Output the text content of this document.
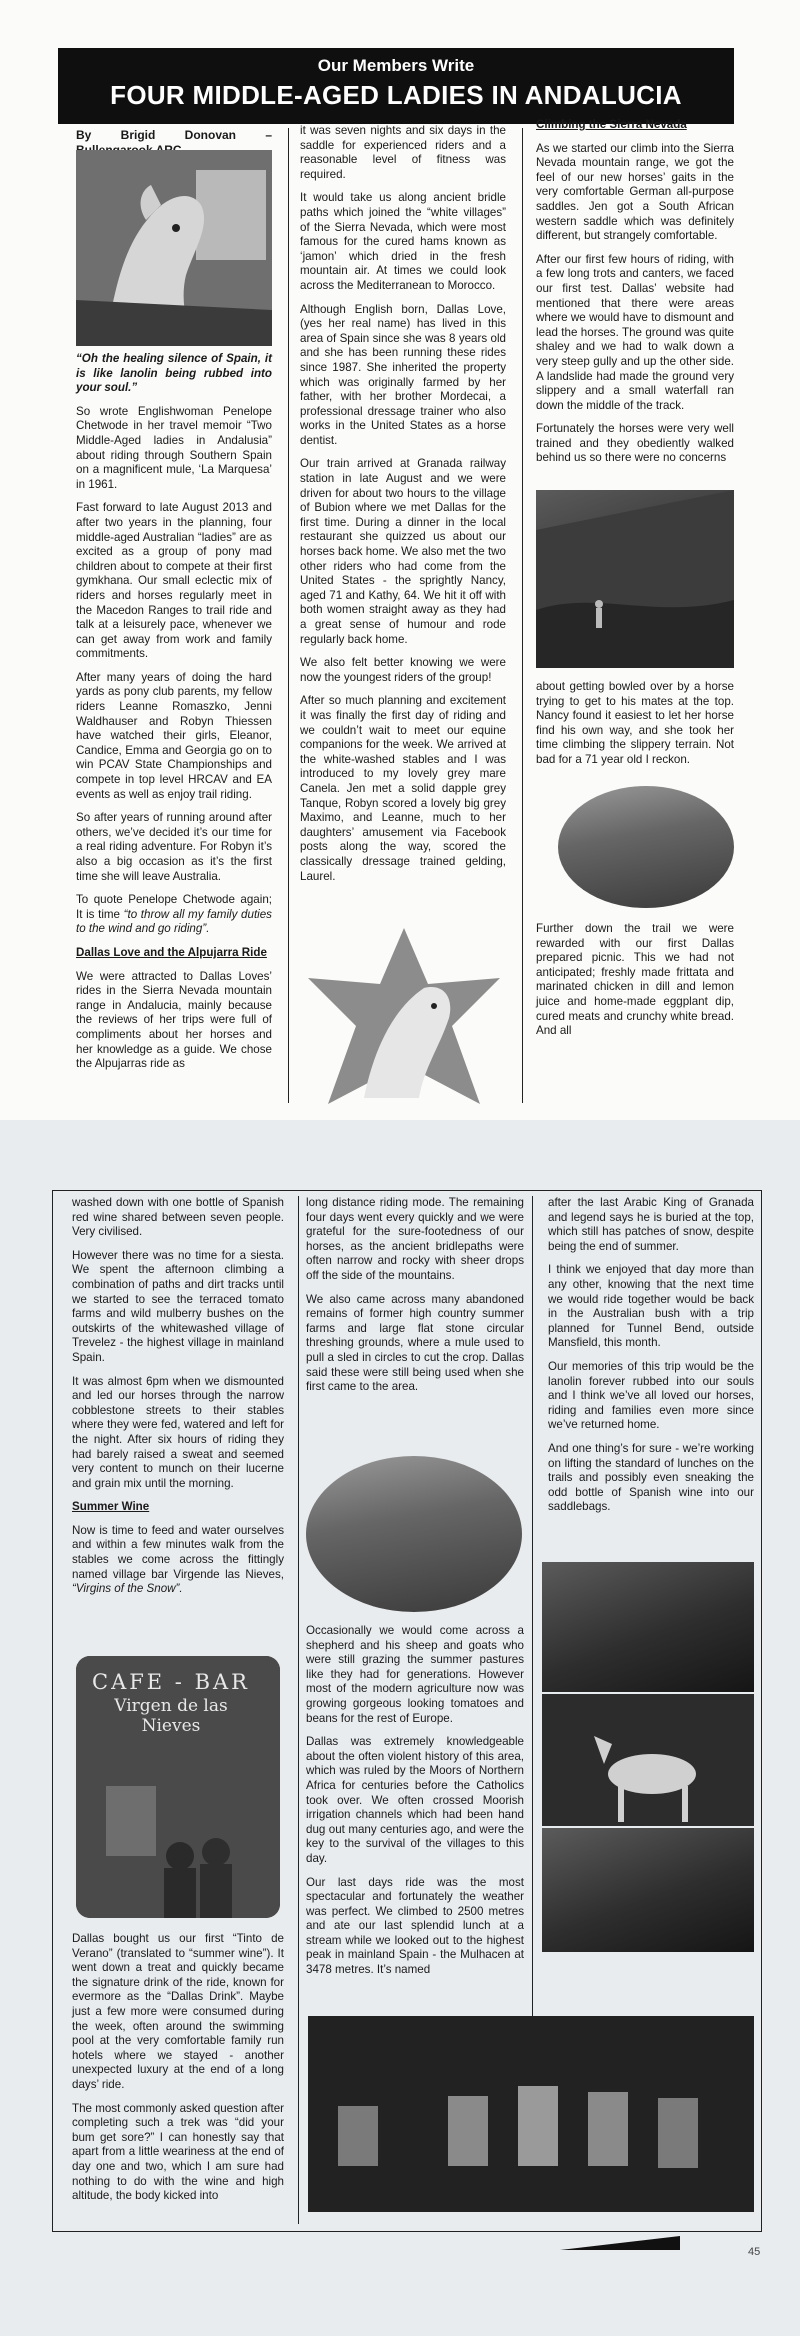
Our Members Write
FOUR MIDDLE-AGED LADIES IN ANDALUCIA
By Brigid Donovan –

“Oh the healing silence of Spain, it is like lanolin being rubbed into your soul.”

So wrote Englishwoman Penelope Chetwode in her travel memoir “Two Middle-Aged ladies in Andalusia” about riding through Southern Spain on a magnificent mule, ‘La Marquesa’ in 1961.

Fast forward to late August 2013 and after two years in the planning, four middle-aged Australian “ladies” are as excited as a group of pony mad children about to compete at their first gymkhana. Our small eclectic mix of riders and horses regularly meet in the Macedon Ranges to trail ride and talk at a leisurely pace, whenever we can get away from work and family commitments.

After many years of doing the hard yards as pony club parents, my fellow riders Leanne Romaszko, Jenni Waldhauser and Robyn Thiessen have watched their girls, Eleanor, Candice, Emma and Georgia go on to win PCAV State Championships and compete in top level HRCAV and EA events as well as enjoy trail riding.

So after years of running around after others, we’ve decided it’s our time for a real riding adventure. For Robyn it’s also a big occasion as it’s the first time she will leave Australia.

To quote Penelope Chetwode again; It is time “to throw all my family duties to the wind and go riding”.

Dallas Love and the Alpujarra Ride

We were attracted to Dallas Loves’ rides in the Sierra Nevada mountain range in Andalucia, mainly because the reviews of her trips were full of compliments about her horses and her knowledge as a guide. We chose the Alpujarras ride as

it was seven nights and six days in the saddle for experienced riders and a reasonable level of fitness was required.

It would take us along ancient bridle paths which joined the “white villages” of the Sierra Nevada, which were most famous for the cured hams known as ‘jamon’ which dried in the fresh mountain air. At times we could look across the Mediterranean to Morocco.

Although English born, Dallas Love, (yes her real name) has lived in this area of Spain since she was 8 years old and she has been running these rides since 1987. She inherited the property which was originally farmed by her father, with her brother Mordecai, a professional dressage trainer who also works in the United States as a horse dentist.

Our train arrived at Granada railway station in late August and we were driven for about two hours to the village of Bubion where we met Dallas for the first time. During a dinner in the local restaurant she quizzed us about our horses back home. We also met the two other riders who had come from the United States - the sprightly Nancy, aged 71 and Kathy, 64. We hit it off with both women straight away as they had a great sense of humour and rode regularly back home.

We also felt better knowing we were now the youngest riders of the group!

After so much planning and excitement it was finally the first day of riding and we couldn’t wait to meet our equine companions for the week. We arrived at the white-washed stables and I was introduced to my lovely grey mare Canela. Jen met a solid dapple grey Tanque, Robyn scored a lovely big grey Maximo, and Leanne, much to her daughters’ amusement via Facebook posts along the way, scored the classically dressage trained gelding, Laurel.

Climbing the Sierra Nevada

As we started our climb into the Sierra Nevada mountain range, we got the feel of our new horses’ gaits in the very comfortable German all-purpose saddles. Jen got a South African western saddle which was definitely different, but strangely comfortable.

After our first few hours of riding, with a few long trots and canters, we faced our first test. Dallas’ website had mentioned that there were areas where we would have to dismount and lead the horses. The ground was quite shaley and we had to walk down a very steep gully and up the other side. A landslide had made the ground very slippery and a small waterfall ran down the middle of the track.

Fortunately the horses were very well trained and they obediently walked behind us so there were no concerns

about getting bowled over by a horse trying to get to his mates at the top. Nancy found it easiest to let her horse find his own way, and she took her time climbing the slippery terrain. Not bad for a 71 year old I reckon.

Further down the trail we were rewarded with our first Dallas prepared picnic. This we had not anticipated; freshly made frittata and marinated chicken in dill and lemon juice and home-made eggplant dip, cured meats and crunchy white bread. And all

washed down with one bottle of Spanish red wine shared between seven people. Very civilised.

However there was no time for a siesta. We spent the afternoon climbing a combination of paths and dirt tracks until we started to see the terraced tomato farms and wild mulberry bushes on the outskirts of the whitewashed village of Trevelez - the highest village in mainland Spain.

It was almost 6pm when we dismounted and led our horses through the narrow cobblestone streets to their stables where they were fed, watered and left for the night. After six hours of riding they had barely raised a sweat and seemed very content to munch on their lucerne and grain mix until the morning.

Summer Wine

Now is time to feed and water ourselves and within a few minutes walk from the stables we come across the fittingly named village bar Virgende las Nieves, “Virgins of the Snow”.

CAFE - BAR
Virgen de las Nieves

Dallas bought us our first “Tinto de Verano” (translated to “summer wine”). It went down a treat and quickly became the signature drink of the ride, known for evermore as the “Dallas Drink”. Maybe just a few more were consumed during the week, often around the swimming pool at the very comfortable family run hotels where we stayed - another unexpected luxury at the end of a long days’ ride.

The most commonly asked question after completing such a trek was “did your bum get sore?” I can honestly say that apart from a little weariness at the end of day one and two, which I am sure had nothing to do with the wine and high altitude, the body kicked into

long distance riding mode. The remaining four days went every quickly and we were grateful for the sure-footedness of our horses, as the ancient bridlepaths were often narrow and rocky with sheer drops off the side of the mountains.

We also came across many abandoned remains of former high country summer farms and large flat stone circular threshing grounds, where a mule used to pull a sled in circles to cut the crop. Dallas said these were still being used when she first came to the area.

Occasionally we would come across a shepherd and his sheep and goats who were still grazing the summer pastures like they had for generations. However most of the modern agriculture now was growing gorgeous looking tomatoes and beans for the rest of Europe.

Dallas was extremely knowledgeable about the often violent history of this area, which was ruled by the Moors of Northern Africa for centuries before the Catholics took over. We often crossed Moorish irrigation channels which had been hand dug out many centuries ago, and were the key to the survival of the villages to this day.

Our last days ride was the most spectacular and fortunately the weather was perfect. We climbed to 2500 metres and ate our last splendid lunch at a stream while we looked out to the highest peak in mainland Spain - the Mulhacen at 3478 metres. It’s named

after the last Arabic King of Granada and legend says he is buried at the top, which still has patches of snow, despite being the end of summer.

I think we enjoyed that day more than any other, knowing that the next time we would ride together would be back in the Australian bush with a trip planned for Tunnel Bend, outside Mansfield, this month.

Our memories of this trip would be the lanolin forever rubbed into our souls and I think we’ve all loved our horses, riding and families even more since we’ve returned home.

And one thing’s for sure - we’re working on lifting the standard of lunches on the trails and possibly even sneaking the odd bottle of Spanish wine into our saddlebags.

45
